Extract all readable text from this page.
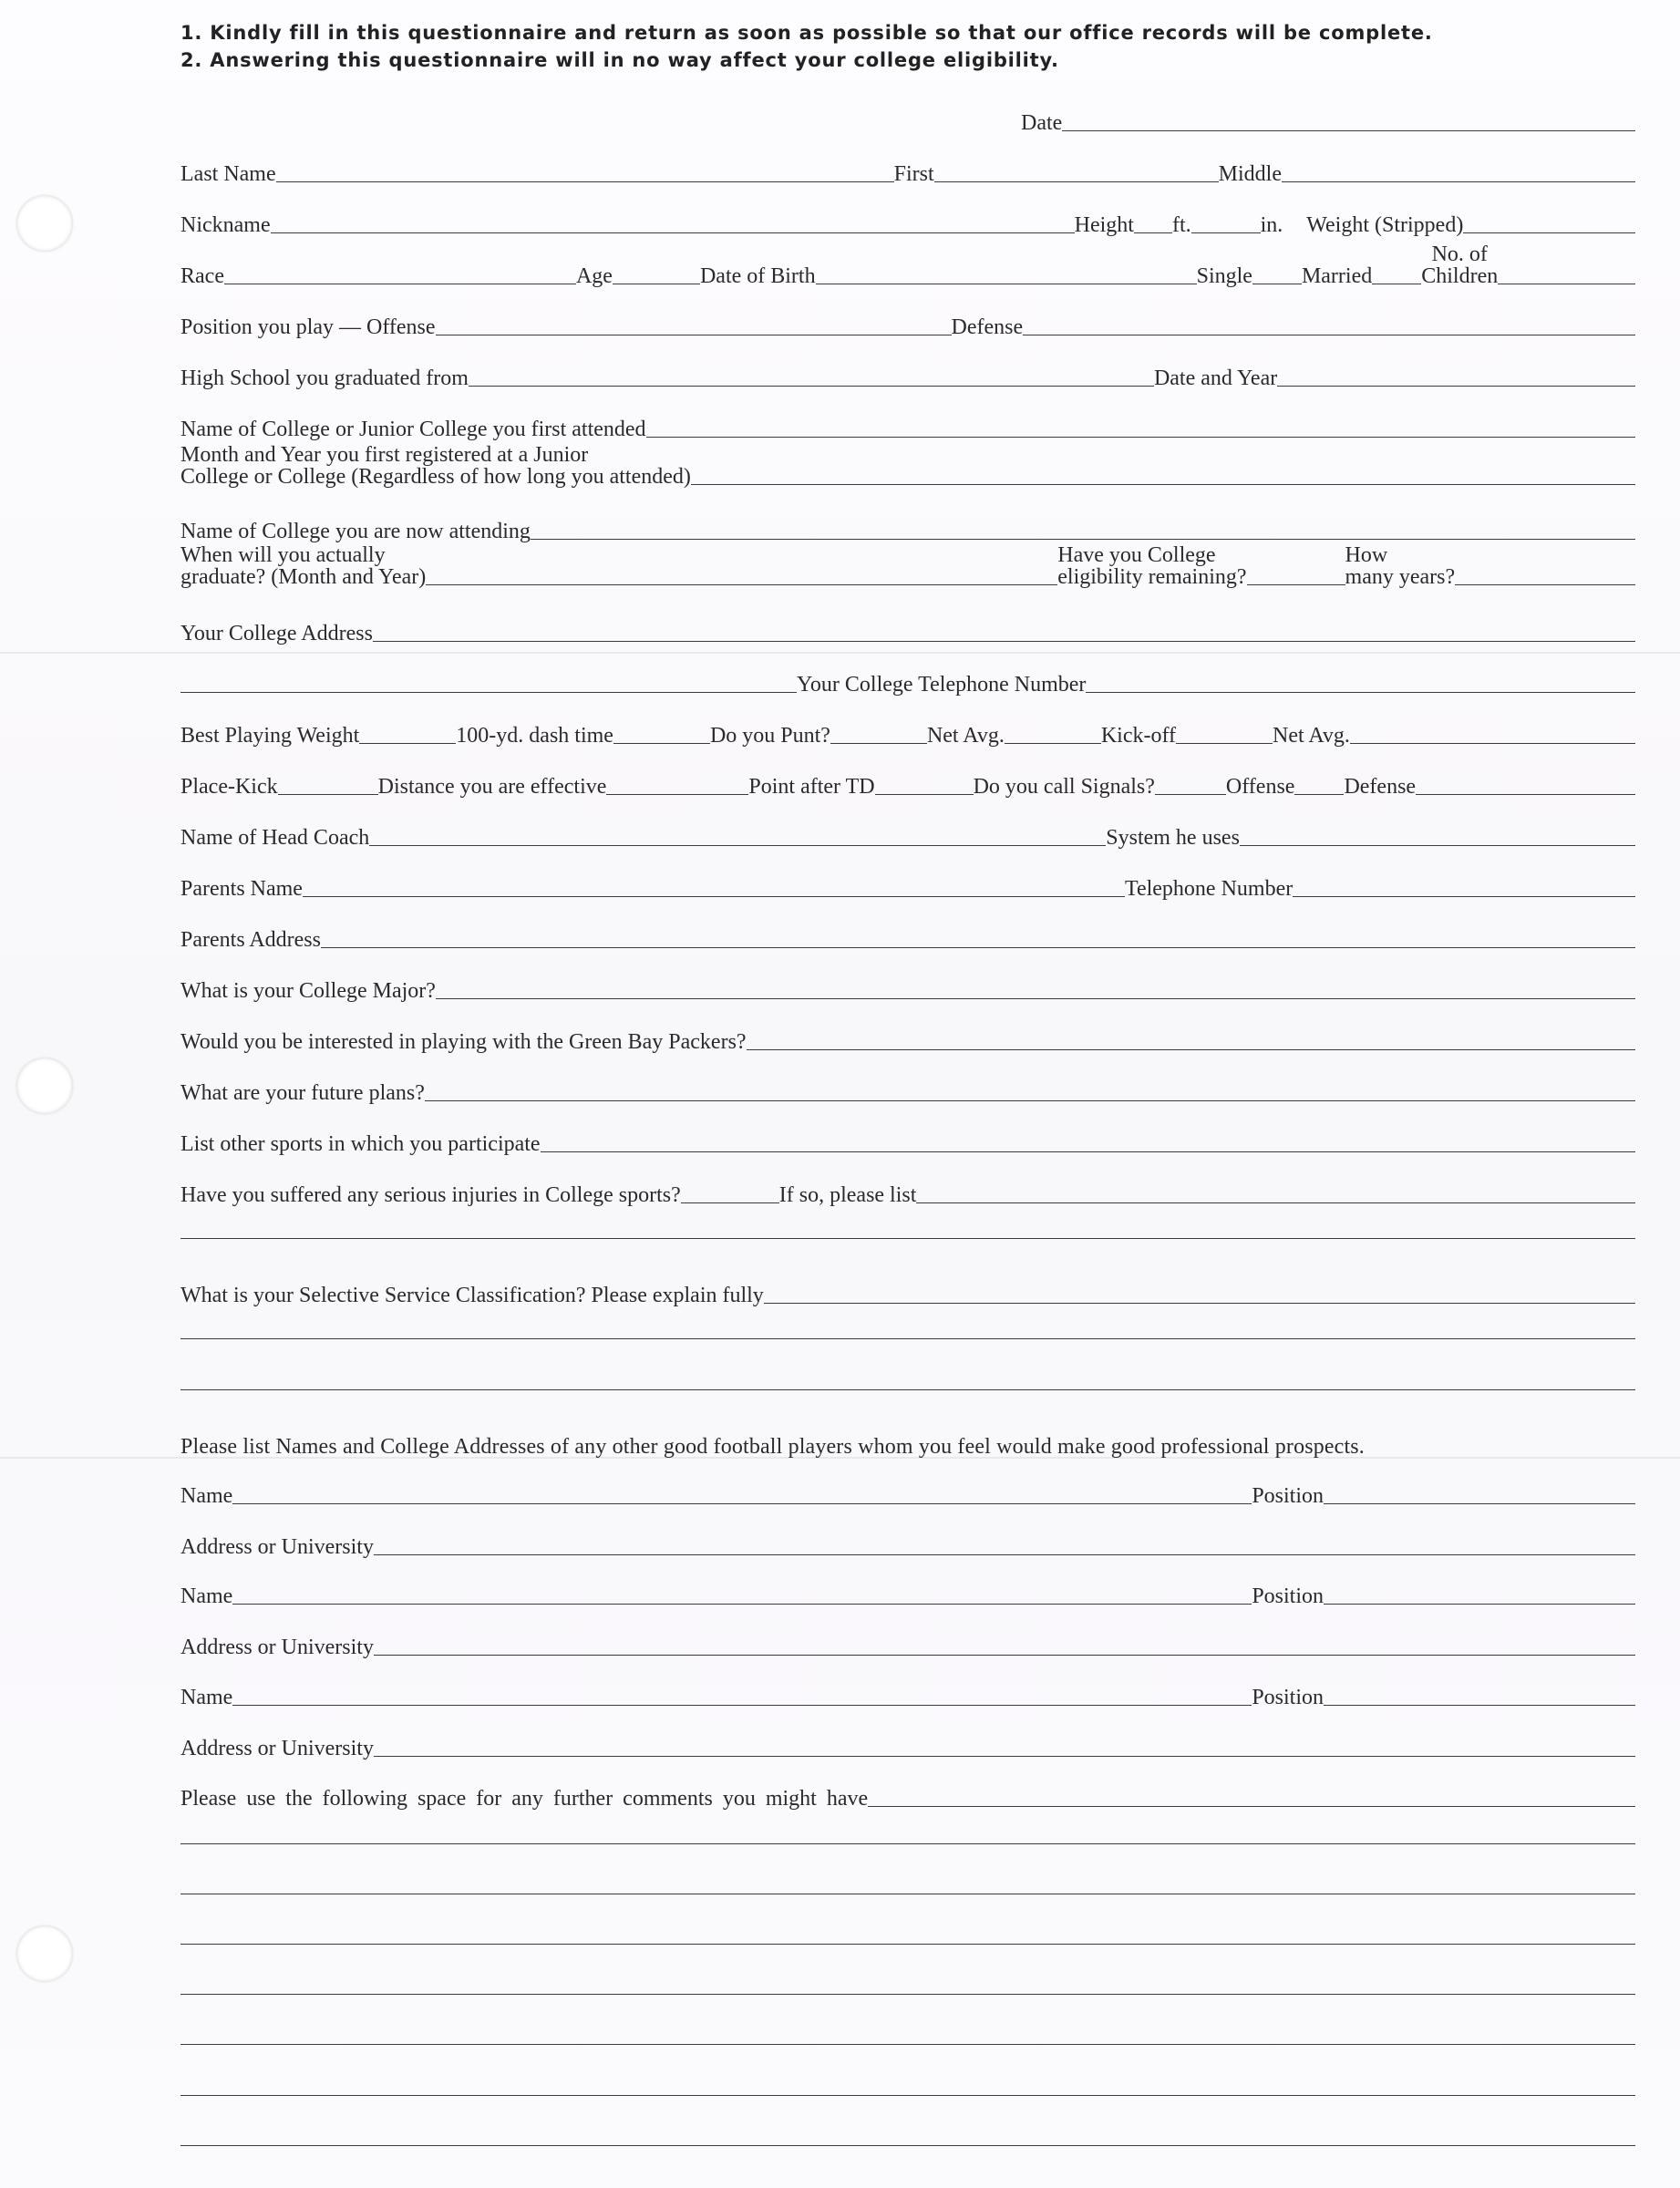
1. Kindly fill in this questionnaire and return as soon as possible so that our office records will be complete.
2. Answering this questionnaire will in no way affect your college eligibility.
Date
Last Name	First	Middle
Nickname	Height ft.	in. Weight (Stripped)
Race	Age	Date of Birth	Single Married
No. of
Children
Position you play — Offense	Defense
High School you graduated from	Date and Year
Name of College or Junior College you first attended
Month and Year you first registered at a Junior
College or College (Regardless of how long you attended)
Name of College you are now attending
When will you actually
graduate? (Month and Year)
Have you College
eligibility remaining?
How
many years?
Your College Address
Your College Telephone Number
Best Playing Weight	100-yd. dash time	Do you Punt?	Net Avg.	Kick-off	Net Avg.
Place-Kick	Distance you are effective	Point after TD	Do you call Signals?	Offense Defense
Name of Head Coach	System he uses
Parents Name	Telephone Number
Parents Address
What is your College Major?
Would you be interested in playing with the Green Bay Packers?
What are your future plans?
List other sports in which you participate
Have you suffered any serious injuries in College sports?	If so, please list
What is your Selective Service Classification? Please explain fully
Please list Names and College Addresses of any other good football players whom you feel would make good professional prospects.
Name	Position
Address or University
Name	Position
Address or University
Name	Position
Address or University
Please use the following space for any further comments you might have
